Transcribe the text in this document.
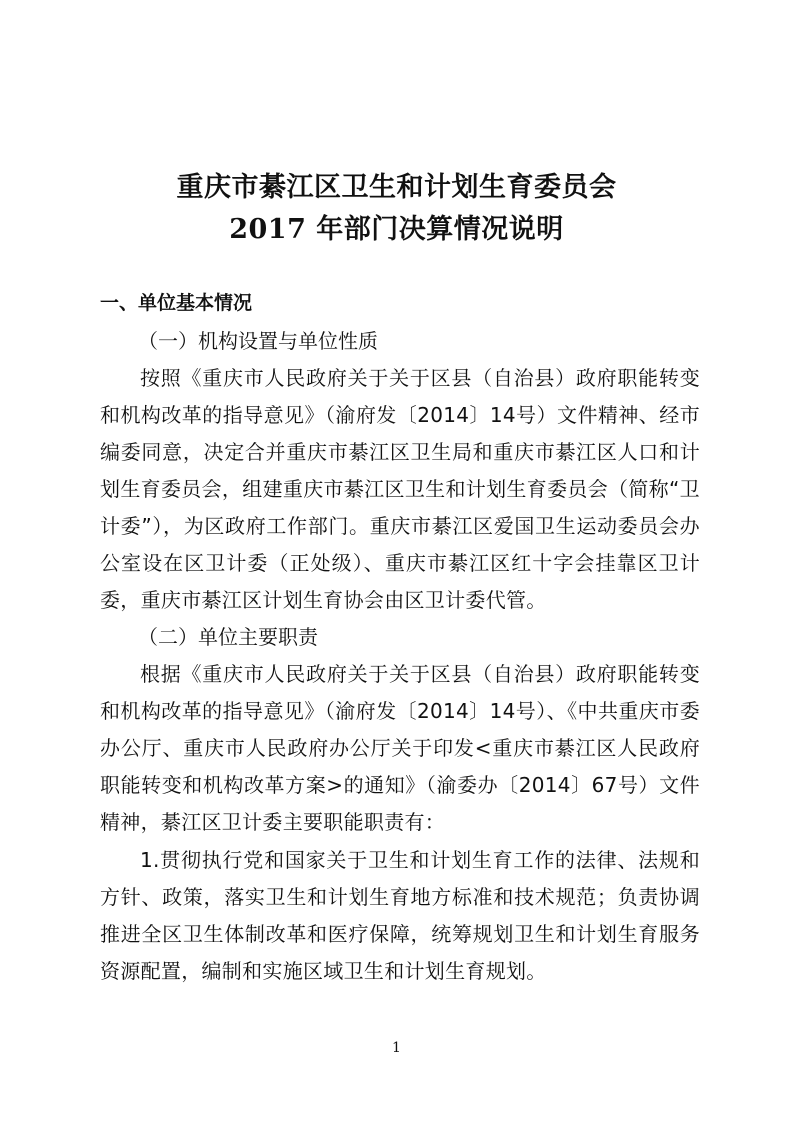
重庆市綦江区卫生和计划生育委员会
2017 年部门决算情况说明
一、单位基本情况
（一）机构设置与单位性质
按照《重庆市人民政府关于关于区县（自治县）政府职能转变和机构改革的指导意见》（渝府发〔2014〕14号）文件精神、经市编委同意，决定合并重庆市綦江区卫生局和重庆市綦江区人口和计划生育委员会，组建重庆市綦江区卫生和计划生育委员会（简称“卫计委”），为区政府工作部门。重庆市綦江区爱国卫生运动委员会办公室设在区卫计委（正处级）、重庆市綦江区红十字会挂靠区卫计委，重庆市綦江区计划生育协会由区卫计委代管。
（二）单位主要职责
根据《重庆市人民政府关于关于区县（自治县）政府职能转变和机构改革的指导意见》（渝府发〔2014〕14号）、《中共重庆市委办公厅、重庆市人民政府办公厅关于印发<重庆市綦江区人民政府职能转变和机构改革方案>的通知》（渝委办〔2014〕67号）文件精神，綦江区卫计委主要职能职责有：
1.贯彻执行党和国家关于卫生和计划生育工作的法律、法规和方针、政策，落实卫生和计划生育地方标准和技术规范；负责协调推进全区卫生体制改革和医疗保障，统筹规划卫生和计划生育服务资源配置，编制和实施区域卫生和计划生育规划。
1
